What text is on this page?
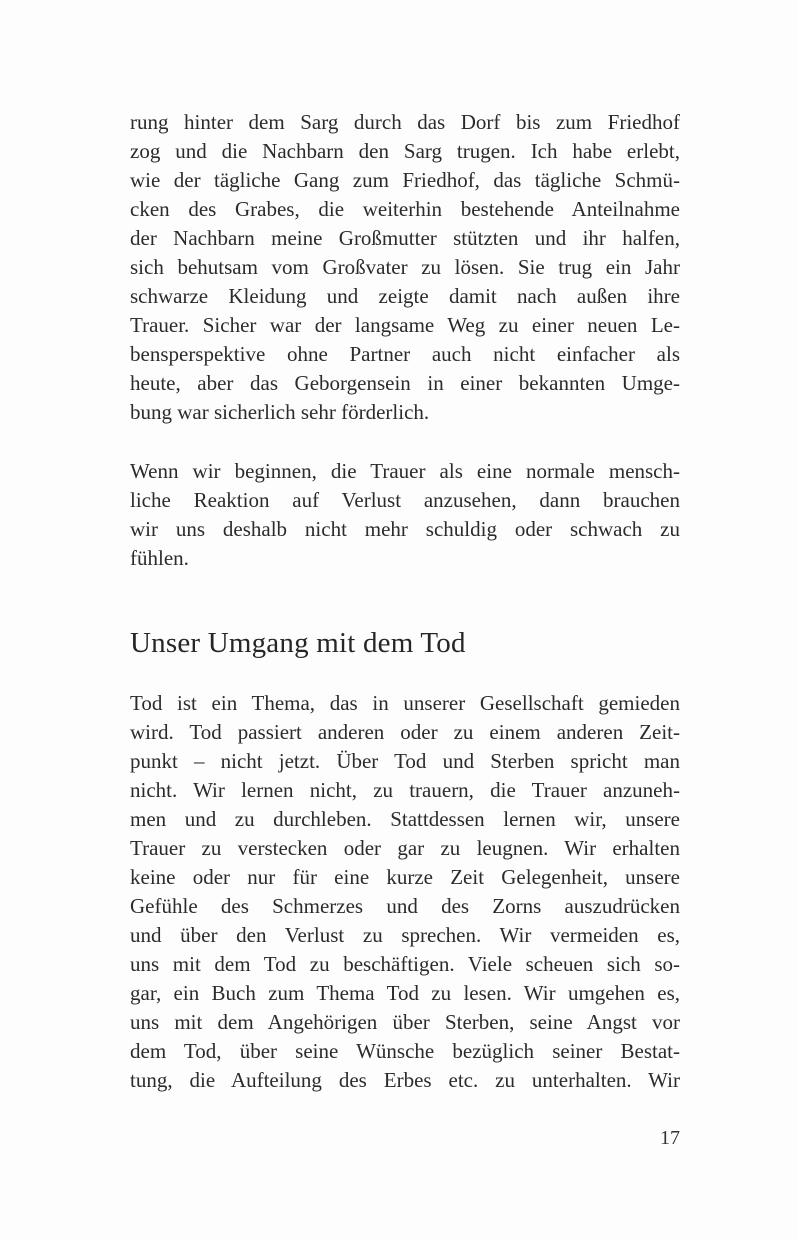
rung hinter dem Sarg durch das Dorf bis zum Friedhof
zog und die Nachbarn den Sarg trugen. Ich habe erlebt,
wie der tägliche Gang zum Friedhof, das tägliche Schmü-
cken des Grabes, die weiterhin bestehende Anteilnahme
der Nachbarn meine Großmutter stützten und ihr halfen,
sich behutsam vom Großvater zu lösen. Sie trug ein Jahr
schwarze Kleidung und zeigte damit nach außen ihre
Trauer. Sicher war der langsame Weg zu einer neuen Le-
bensperspektive ohne Partner auch nicht einfacher als
heute, aber das Geborgensein in einer bekannten Umge-
bung war sicherlich sehr förderlich.

Wenn wir beginnen, die Trauer als eine normale mensch-
liche Reaktion auf Verlust anzusehen, dann brauchen
wir uns deshalb nicht mehr schuldig oder schwach zu
fühlen.

Unser Umgang mit dem Tod

Tod ist ein Thema, das in unserer Gesellschaft gemieden
wird. Tod passiert anderen oder zu einem anderen Zeit-
punkt – nicht jetzt. Über Tod und Sterben spricht man
nicht. Wir lernen nicht, zu trauern, die Trauer anzuneh-
men und zu durchleben. Stattdessen lernen wir, unsere
Trauer zu verstecken oder gar zu leugnen. Wir erhalten
keine oder nur für eine kurze Zeit Gelegenheit, unsere
Gefühle des Schmerzes und des Zorns auszudrücken
und über den Verlust zu sprechen. Wir vermeiden es,
uns mit dem Tod zu beschäftigen. Viele scheuen sich so-
gar, ein Buch zum Thema Tod zu lesen. Wir umgehen es,
uns mit dem Angehörigen über Sterben, seine Angst vor
dem Tod, über seine Wünsche bezüglich seiner Bestat-
tung, die Aufteilung des Erbes etc. zu unterhalten. Wir

17
